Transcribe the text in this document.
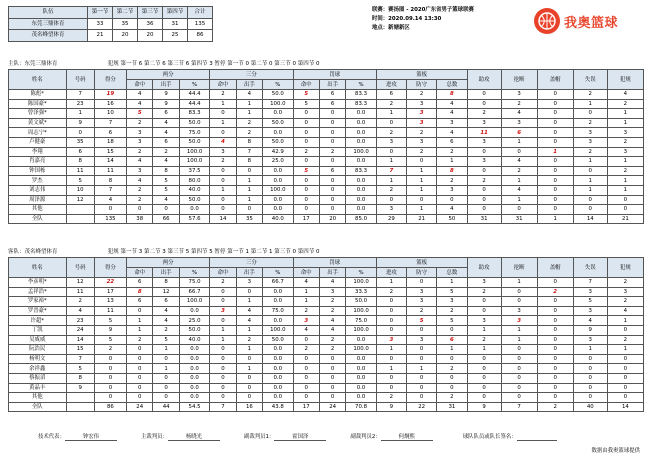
队伍	第一节	第二节	第三节	第四节	合计
东莞三鼎体育	33	35	36	31	135
茂名峰望体育	21	20	20	25	86
联赛：赛扬图 - 2020广东省男子篮球联赛
时间：2020.09.14 13:30
地点：新塘新区	我奥篮球
主队：东莞三鼎体育	犯规 第一节 6 第二节 6 第三节 6 第四节 3 暂停 第一节 0 第二节 0 第三节 0 第四节 0
姓名	号码	得分	两分			三分			罚球			篮板			助攻	抢断	盖帽	失误	犯规
			命中	出手	%	命中	出手	%	命中	出手	%	进攻	防守	总数					
陈彪*	7	19	4	9	44.4	2	4	50.0	5	6	83.3	6	2	8	0	3	0	2	4
陈国豪*	23	16	4	9	44.4	1	1	100.0	5	6	83.3	2	3	4	0	2	0	1	2
曾泽强*	1	10	5	6	83.3	0	1	0.0	0	0	0.0	1	3	4	2	4	0	0	1
黄文斌*	9	7	2	4	50.0	1	2	50.0	0	0	0.0	0	3	3	3	3	0	2	1
周志宁*	0	6	3	4	75.0	0	2	0.0	0	0	0.0	2	2	4	11	6	0	3	3
卢健豪	35	18	3	6	50.0	4	8	50.0	0	0	0.0	3	3	6	3	1	0	3	2
李翔	6	15	2	2	100.0	3	7	42.9	2	2	100.0	0	2	2	0	0	1	2	3
肖嘉亮	8	14	4	4	100.0	2	8	25.0	0	0	0.0	1	0	1	3	4	0	1	1
钟国栋	11	11	3	8	37.5	0	0	0.0	5	6	83.3	7	1	8	0	2	0	0	2
罗杰	5	8	4	5	80.0	0	1	0.0	0	0	0.0	1	1	2	2	1	0	1	1
刘志伟	10	7	2	5	40.0	1	1	100.0	0	0	0.0	2	1	3	0	4	0	1	1
周泽源	12	4	2	4	50.0	0	1	0.0	0	0	0.0	0	0	0	0	1	0	0	0
其他		0	0	0	0.0	0	0	0.0	0	0	0.0	3	1	4	0	0	0	0	0
全队		135	38	66	57.6	14	35	40.0	17	20	85.0	29	21	50	31	31	1	14	21
客队：茂名峰望体育	犯规 第一节 3 第二节 3 第三节 5 第四节 5 暂停 第一节 1 第二节 1 第三节 0 第四节 0
姓名	号码	得分	两分			三分			罚球			篮板			助攻	抢断	盖帽	失误	犯规
			命中	出手	%	命中	出手	%	命中	出手	%	进攻	防守	总数					
李彦明*	12	22	6	8	75.0	2	3	66.7	4	4	100.0	1	0	1	3	1	0	7	2
孟祥浩*	11	17	8	12	66.7	0	0	0.0	1	3	33.3	2	3	5	2	0	2	3	3
罗家裕*	2	13	6	6	100.0	0	1	0.0	1	2	50.0	0	3	3	0	0	0	5	2
罗晋豪*	4	11	0	4	0.0	3	4	75.0	2	2	100.0	0	2	2	0	3	0	3	4
许超*	23	5	1	4	25.0	0	4	0.0	3	4	75.0	0	5	5	3	3	0	4	1
丁凯	24	9	1	2	50.0	1	1	100.0	4	4	100.0	0	0	0	1	1	0	9	0
吴威威	14	5	2	5	40.0	1	2	50.0	0	2	0.0	3	3	6	2	1	0	3	2
阮浩民	15	2	0	1	0.0	0	1	0.0	2	2	100.0	1	0	1	1	0	0	1	1
杨明文	7	0	0	0	0.0	0	0	0.0	0	0	0.0	0	0	0	0	0	0	0	0
余祥鑫	5	0	0	1	0.0	0	1	0.0	0	0	0.0	1	1	2	0	0	0	0	0
蔡振滔	8	0	0	0	0.0	0	0	0.0	0	0	0.0	0	0	0	0	0	0	0	0
黄晶丰	9	0	0	0	0.0	0	0	0.0	0	0	0.0	0	0	0	0	0	0	0	0
其他		0	0	0	0.0	0	0	0.0	0	0	0.0	2	0	2	0	0	0	0	0
全队		86	24	44	54.5	7	16	43.8	17	24	70.8	9	22	31	9	7	2	40	14
技术代表：	钟宏伟	主裁判员：	杨晓光	副裁判员1：	霍国泽	副裁判员2：	何炯熙	球队队员或队长签名：
数据由我奥篮球提供
